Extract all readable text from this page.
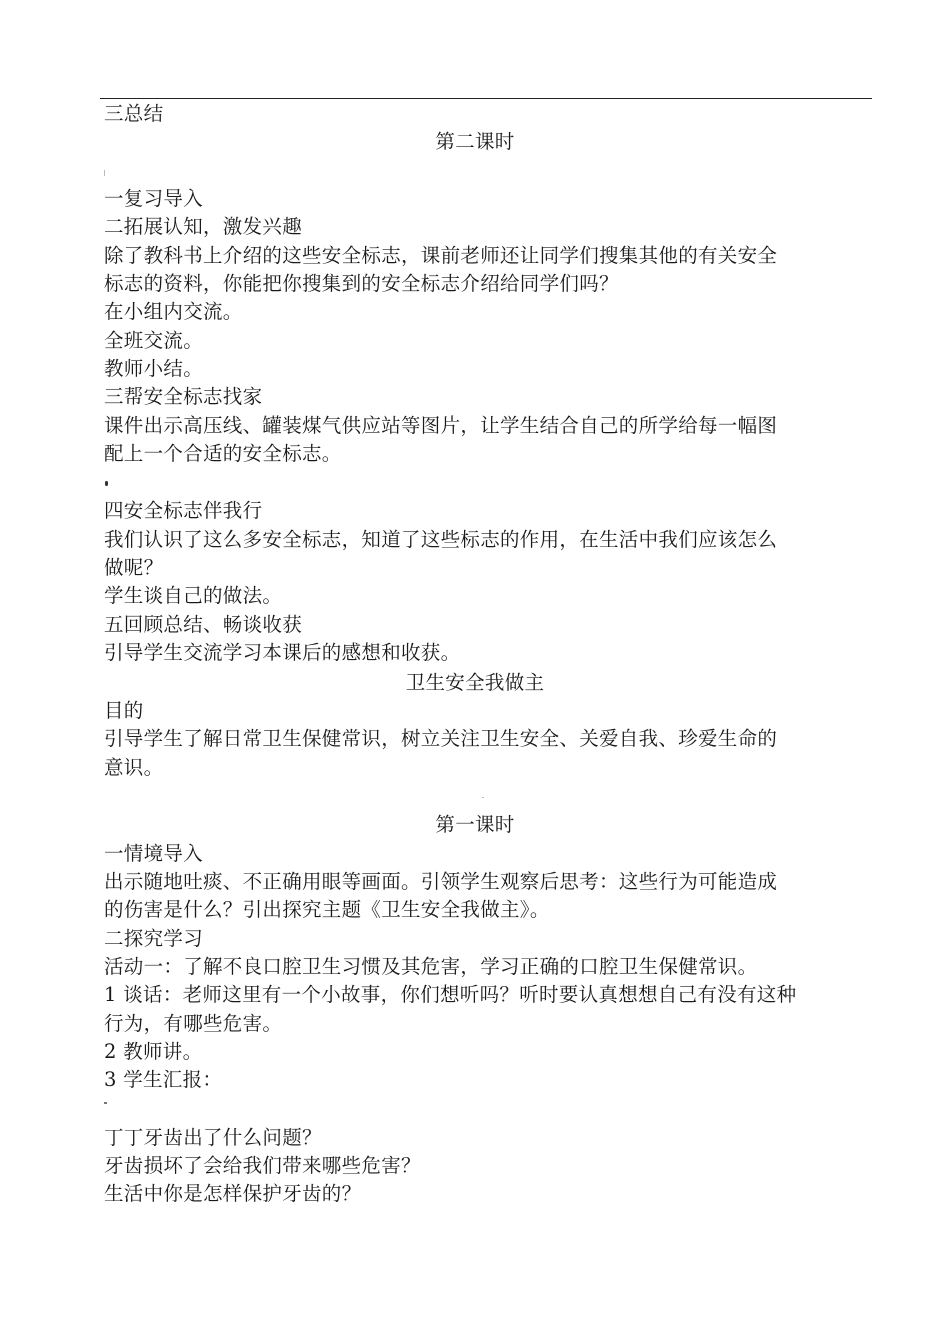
三总结
第二课时
一复习导入
二拓展认知，激发兴趣
除了教科书上介绍的这些安全标志，课前老师还让同学们搜集其他的有关安全
标志的资料，你能把你搜集到的安全标志介绍给同学们吗？
在小组内交流。
全班交流。
教师小结。
三帮安全标志找家
课件出示高压线、罐装煤气供应站等图片，让学生结合自己的所学给每一幅图
配上一个合适的安全标志。
四安全标志伴我行
我们认识了这么多安全标志，知道了这些标志的作用，在生活中我们应该怎么
做呢？
学生谈自己的做法。
五回顾总结、畅谈收获
引导学生交流学习本课后的感想和收获。
卫生安全我做主
目的
引导学生了解日常卫生保健常识，树立关注卫生安全、关爱自我、珍爱生命的
意识。
第一课时
一情境导入
出示随地吐痰、不正确用眼等画面。引领学生观察后思考：这些行为可能造成
的伤害是什么？引出探究主题《卫生安全我做主》。
二探究学习
活动一：了解不良口腔卫生习惯及其危害，学习正确的口腔卫生保健常识。
1 谈话：老师这里有一个小故事，你们想听吗？听时要认真想想自己有没有这种
行为，有哪些危害。
2 教师讲。
3 学生汇报：
丁丁牙齿出了什么问题？
牙齿损坏了会给我们带来哪些危害？
生活中你是怎样保护牙齿的？
